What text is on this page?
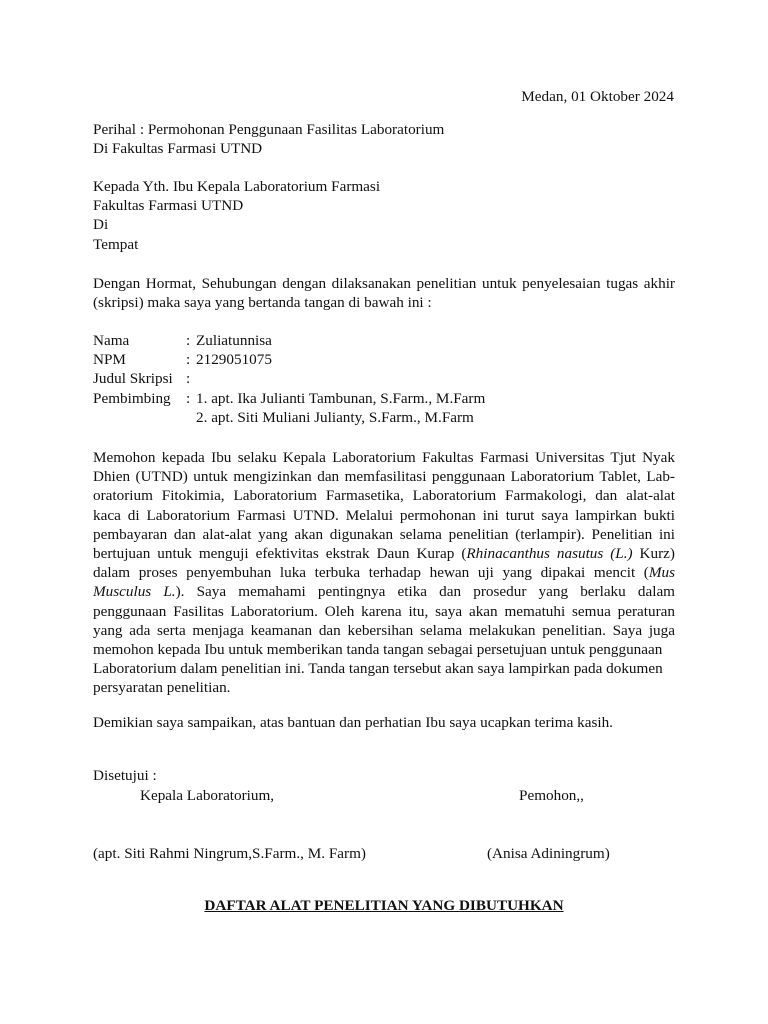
Medan, 01 Oktober 2024
Perihal : Permohonan Penggunaan Fasilitas Laboratorium
Di Fakultas Farmasi UTND
Kepada Yth. Ibu Kepala Laboratorium Farmasi
Fakultas Farmasi UTND
Di
Tempat
Dengan Hormat, Sehubungan dengan dilaksanakan penelitian untuk penyelesaian tugas akhir (skripsi) maka saya yang bertanda tangan di bawah ini :
Nama	: Zuliatunnisa
NPM	: 2129051075
Judul Skripsi :
Pembimbing	: 1. apt. Ika Julianti Tambunan, S.Farm., M.Farm
2. apt. Siti Muliani Julianty, S.Farm., M.Farm
Memohon kepada Ibu selaku Kepala Laboratorium Fakultas Farmasi Universitas Tjut Nyak
Dhien (UTND) untuk mengizinkan dan memfasilitasi penggunaan Laboratorium Tablet, Lab-
oratorium Fitokimia, Laboratorium Farmasetika, Laboratorium Farmakologi, dan alat-alat
kaca di Laboratorium Farmasi UTND. Melalui permohonan ini turut saya lampirkan bukti
pembayaran dan alat-alat yang akan digunakan selama penelitian (terlampir). Penelitian ini
bertujuan untuk menguji efektivitas ekstrak Daun Kurap (Rhinacanthus nasutus (L.) Kurz)
dalam proses penyembuhan luka terbuka terhadap hewan uji yang dipakai mencit (Mus
Musculus L.). Saya memahami pentingnya etika dan prosedur yang berlaku dalam
penggunaan Fasilitas Laboratorium. Oleh karena itu, saya akan mematuhi semua peraturan
yang ada serta menjaga keamanan dan kebersihan selama melakukan penelitian. Saya juga
memohon kepada Ibu untuk memberikan tanda tangan sebagai persetujuan untuk penggunaan
Laboratorium dalam penelitian ini. Tanda tangan tersebut akan saya lampirkan pada dokumen
persyaratan penelitian.
Demikian saya sampaikan, atas bantuan dan perhatian Ibu saya ucapkan terima kasih.
Disetujui :
Kepala Laboratorium,	Pemohon,,
(apt. Siti Rahmi Ningrum,S.Farm., M. Farm)	(Anisa Adiningrum)
DAFTAR ALAT PENELITIAN YANG DIBUTUHKAN
